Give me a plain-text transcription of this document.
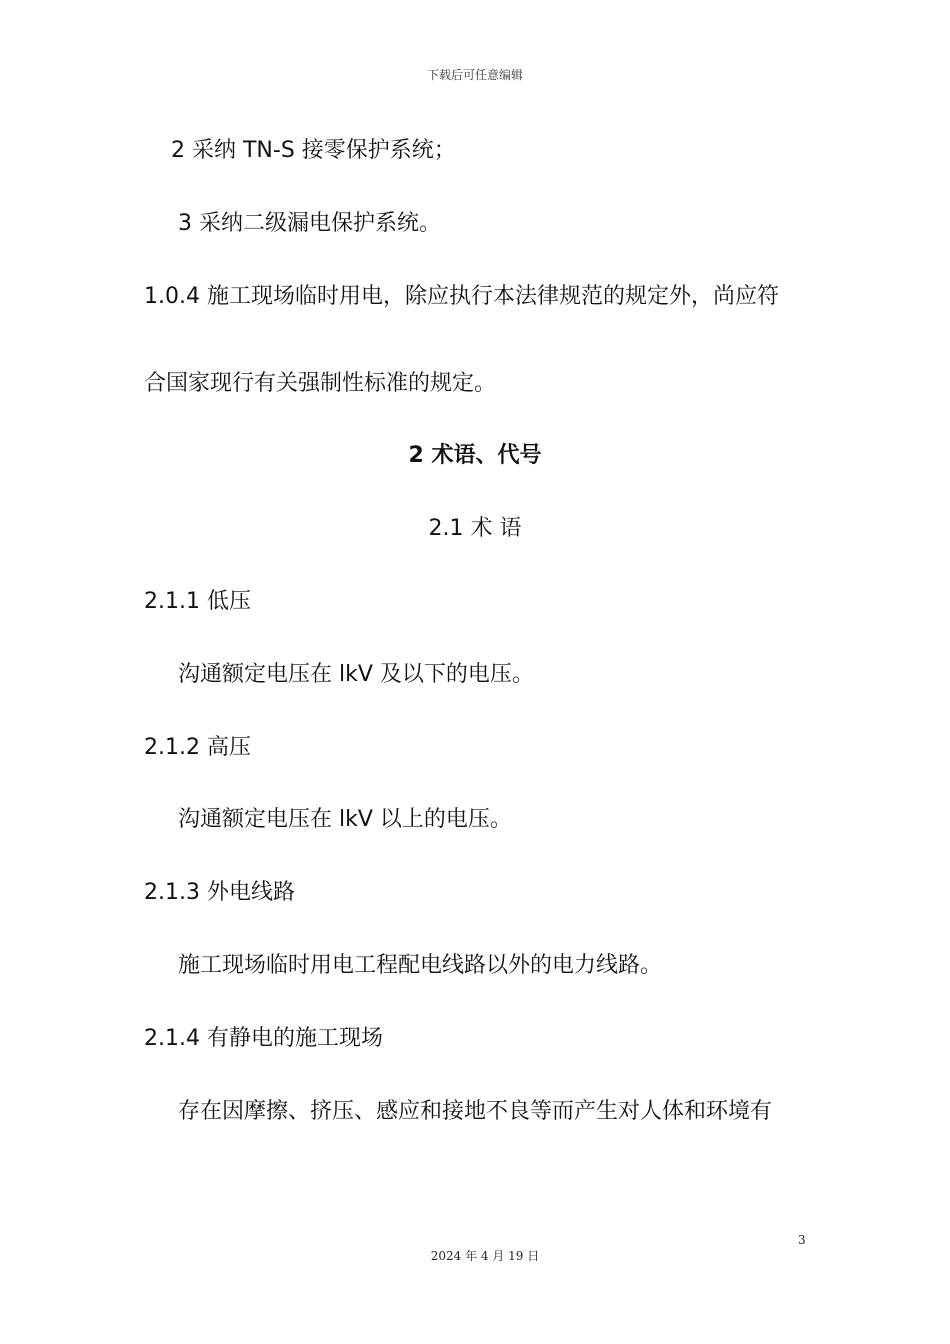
下载后可任意编辑
2 采纳 TN-S 接零保护系统；
3 采纳二级漏电保护系统。
1.0.4 施工现场临时用电，除应执行本法律规范的规定外，尚应符
合国家现行有关强制性标准的规定。
2 术语、代号
2.1 术 语
2.1.1 低压
沟通额定电压在 lkV 及以下的电压。
2.1.2 高压
沟通额定电压在 lkV 以上的电压。
2.1.3 外电线路
施工现场临时用电工程配电线路以外的电力线路。
2.1.4 有静电的施工现场
存在因摩擦、挤压、感应和接地不良等而产生对人体和环境有
3
2024 年 4 月 19 日
